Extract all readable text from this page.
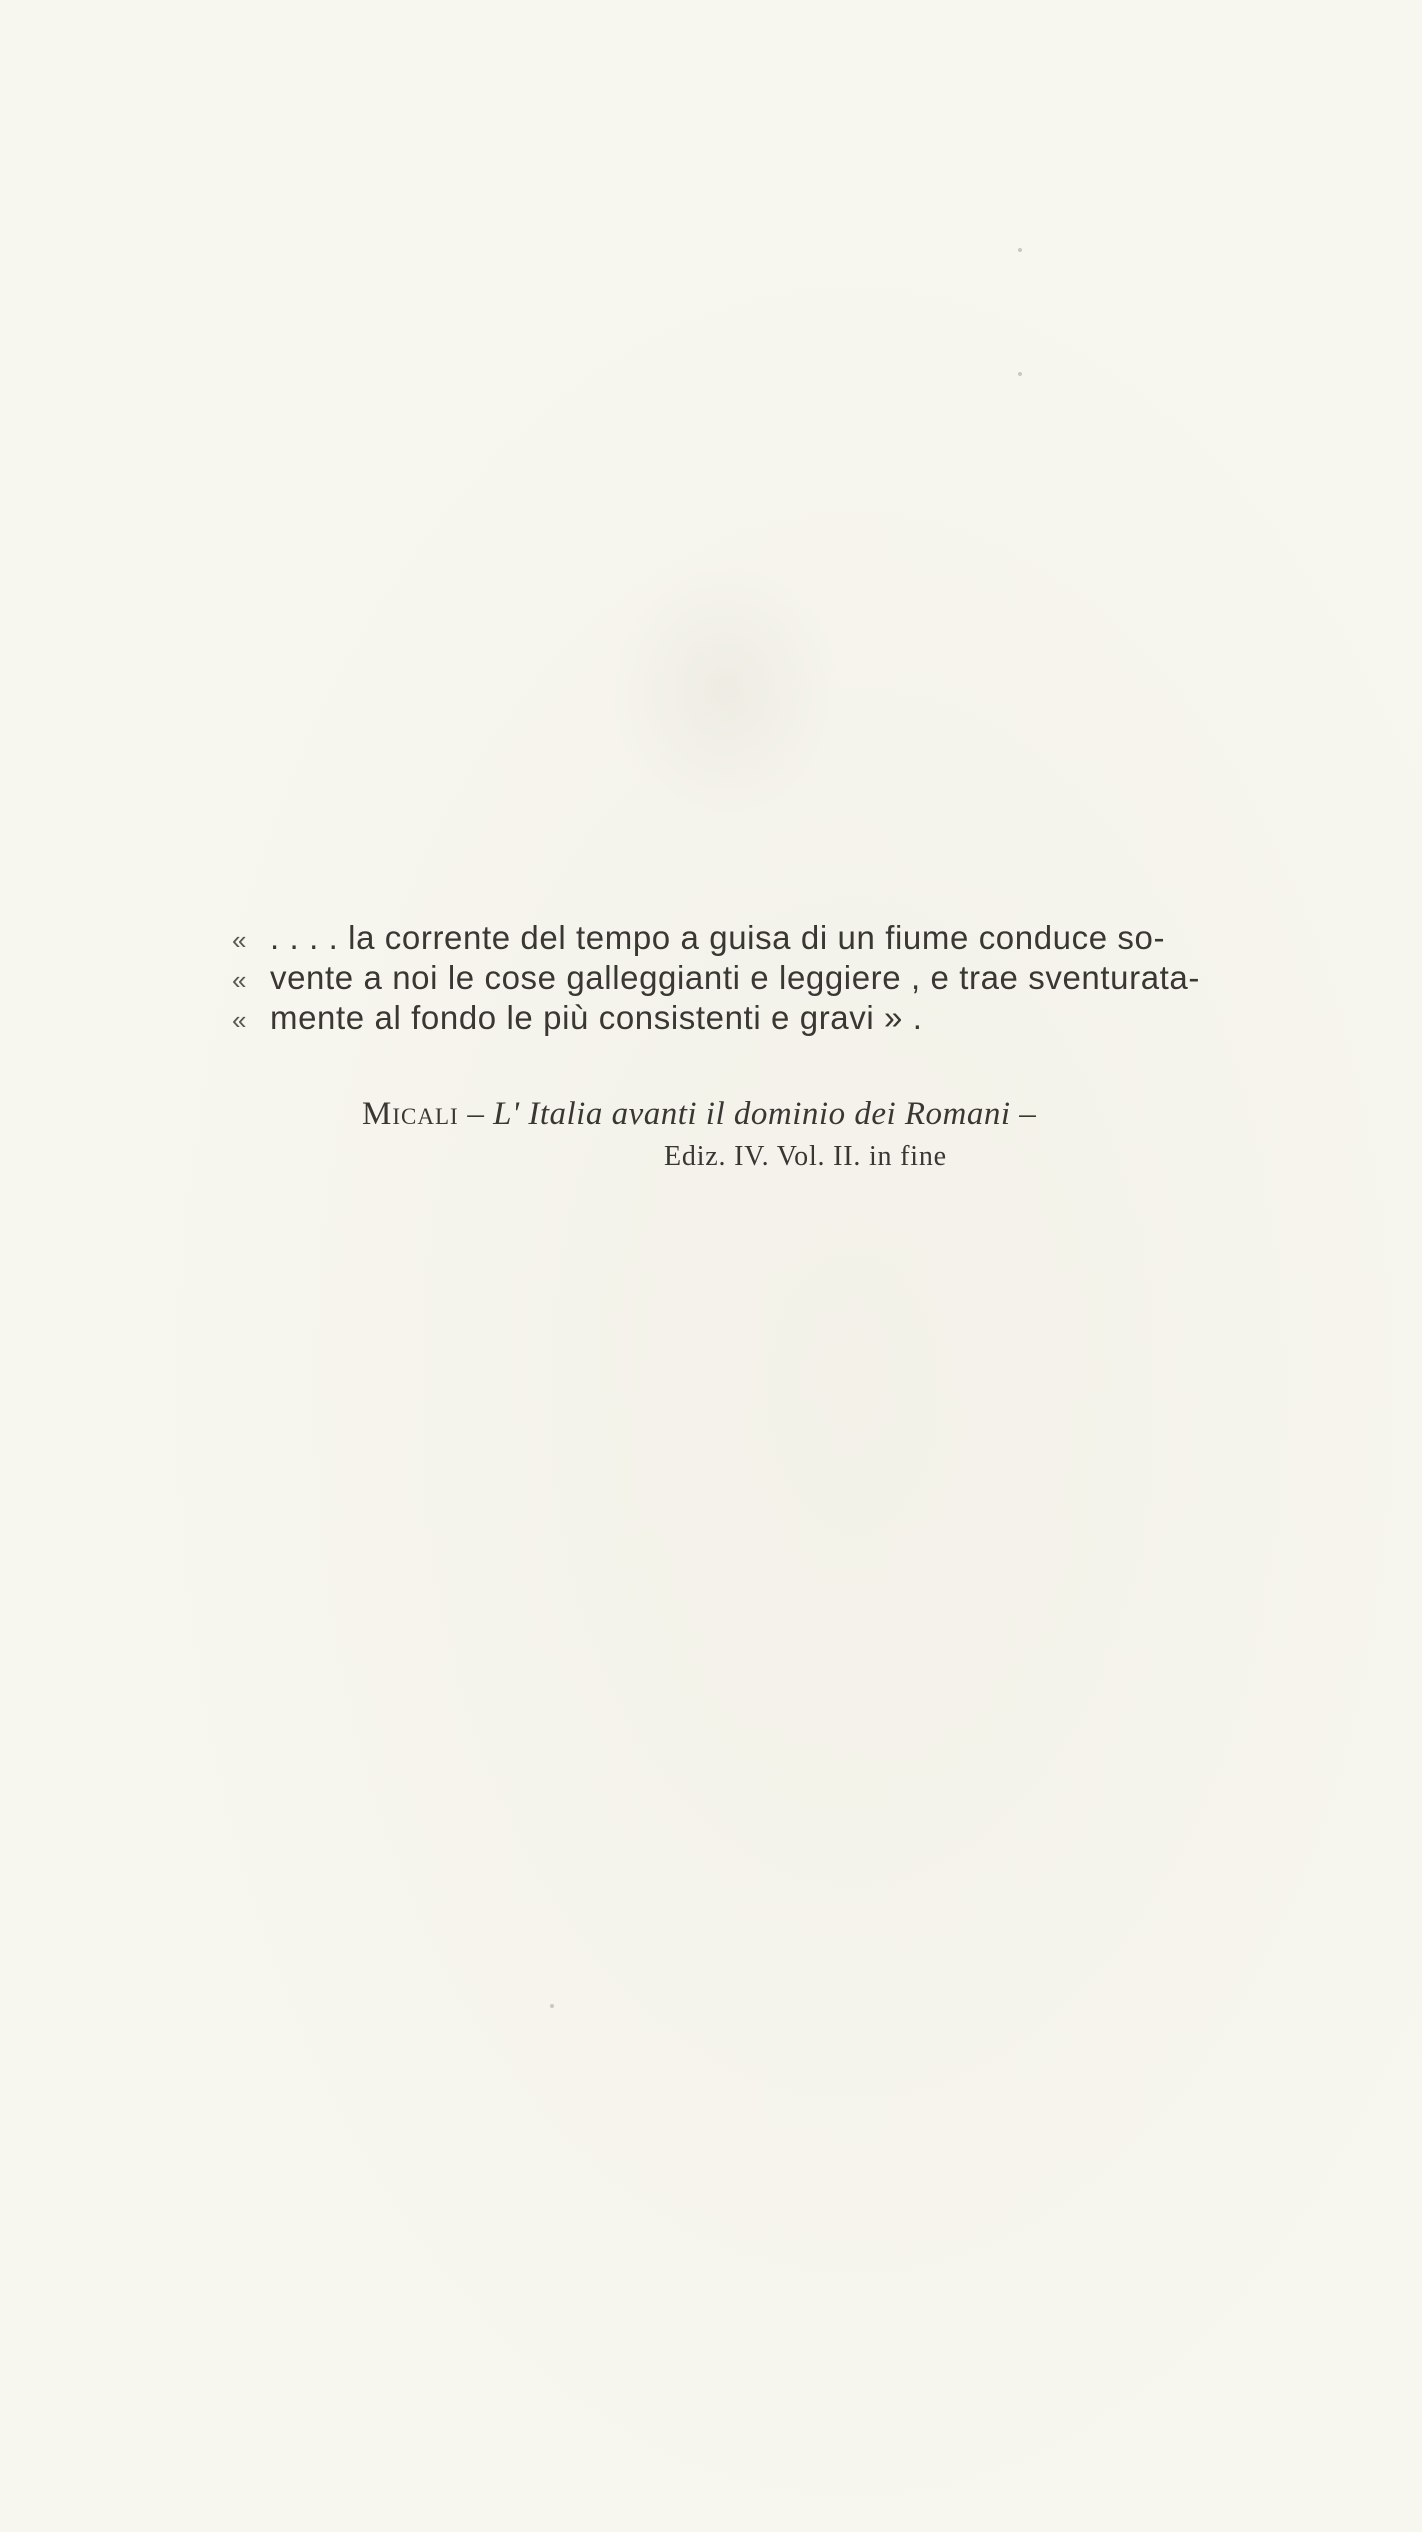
« . . . . la corrente del tempo a guisa di un fiume conduce so-
« vente a noi le cose galleggianti e leggiere , e trae sventurata-
« mente al fondo le più consistenti e gravi » .
Micali – L' Italia avanti il dominio dei Romani –
Ediz. IV. Vol. II. in fine
